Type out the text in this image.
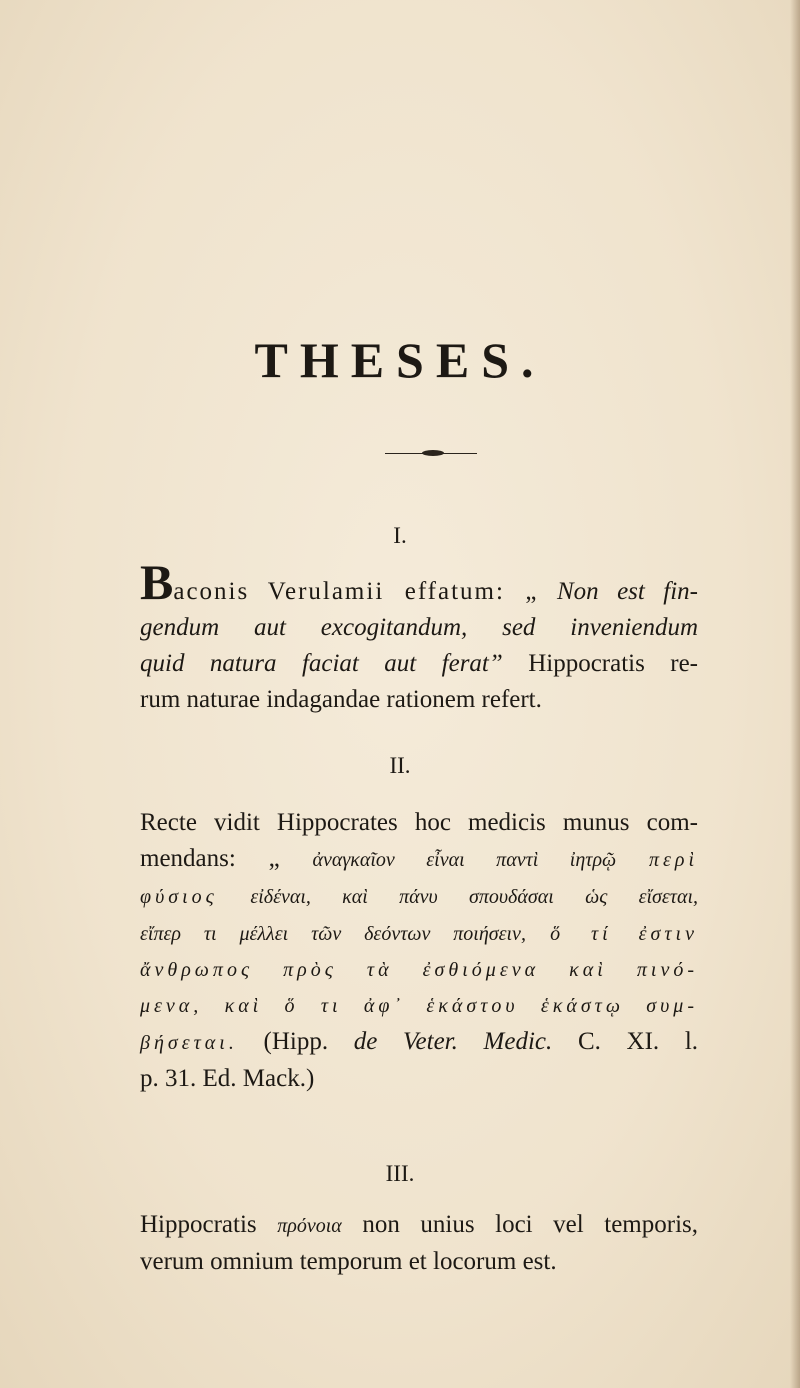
THESES.
I.
Baconis Verulamii effatum: „ Non est fin-
gendum aut excogitandum, sed inveniendum
quid natura faciat aut ferat” Hippocratis re-
rum naturae indagandae rationem refert.
II.
Recte vidit Hippocrates hoc medicis munus com-
mendans: „ ἀναγκαῖον εἶναι παντὶ ἰητρῷ περὶ
φύσιος εἰδέναι, καὶ πάνυ σπουδάσαι ὡς εἴσεται,
εἴπερ τι μέλλει τῶν δεόντων ποιήσειν, ὅ τί ἐστιν
ἄνθρωπος πρὸς τὰ ἐσθιόμενα καὶ πινό-
μενα, καὶ ὅ τι ἀφ᾽ ἑκάστου ἑκάστῳ συμ-
βήσεται. (Hipp. de Veter. Medic. C. XI. l.
p. 31. Ed. Mack.)
III.
Hippocratis πρόνοια non unius loci vel temporis,
verum omnium temporum et locorum est.
